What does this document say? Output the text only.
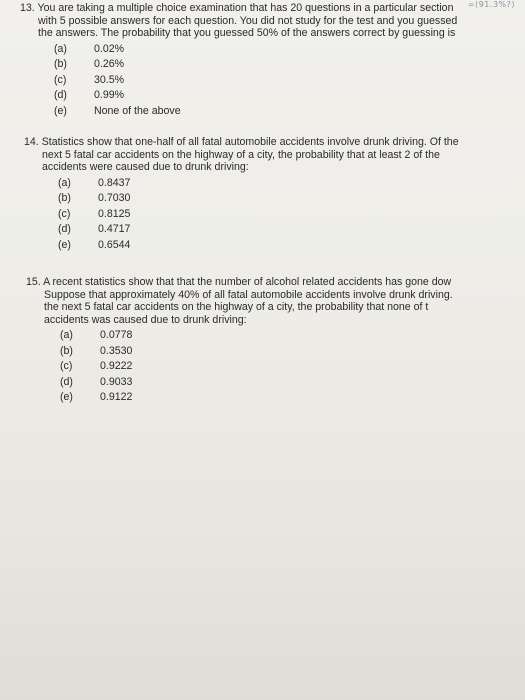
=(91.3%?)
13. You are taking a multiple choice examination that has 20 questions in a particular section
with 5 possible answers for each question. You did not study for the test and you guessed
the answers. The probability that you guessed 50% of the answers correct by guessing is
(a)	0.02%
(b)	0.26%
(c)	30.5%
(d)	0.99%
(e)	None of the above
14. Statistics show that one-half of all fatal automobile accidents involve drunk driving. Of the
next 5 fatal car accidents on the highway of a city, the probability that at least 2 of the
accidents were caused due to drunk driving:
(a)	0.8437
(b)	0.7030
(c)	0.8125
(d)	0.4717
(e)	0.6544
15. A recent statistics show that that the number of alcohol related accidents has gone dow
Suppose that approximately 40% of all fatal automobile accidents involve drunk driving.
the next 5 fatal car accidents on the highway of a city, the probability that none of t
accidents was caused due to drunk driving:
(a)	0.0778
(b)	0.3530
(c)	0.9222
(d)	0.9033
(e)	0.9122
